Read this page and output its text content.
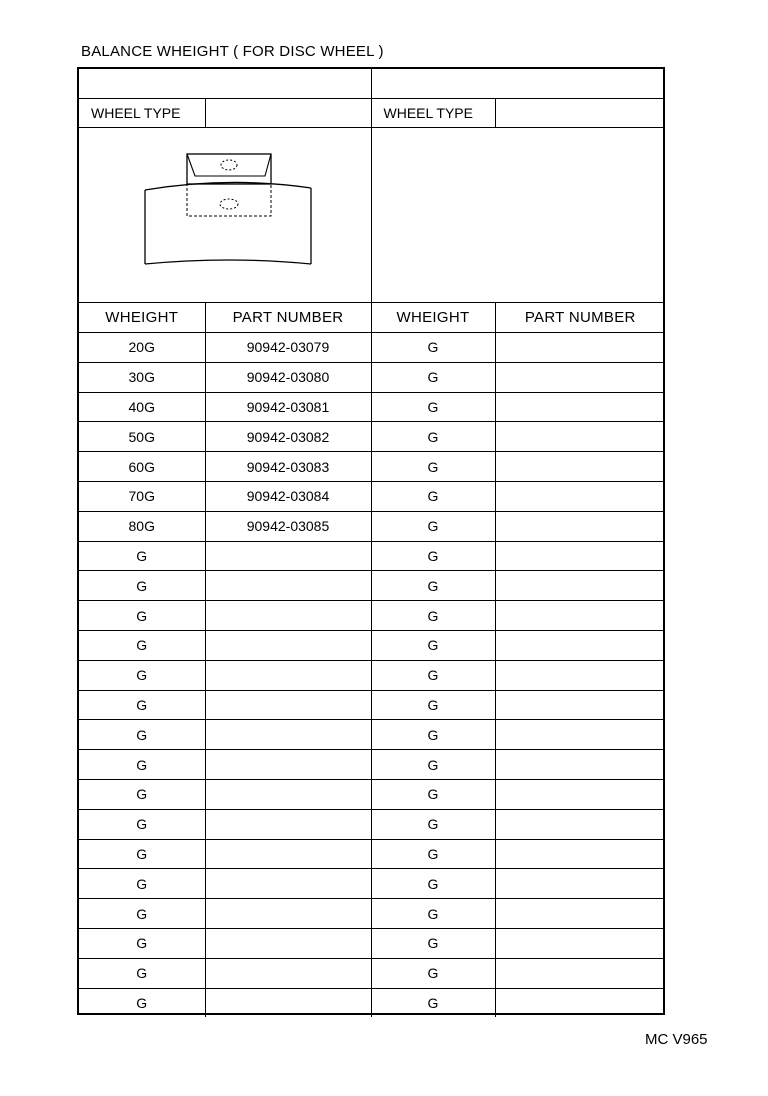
BALANCE WHEIGHT ( FOR DISC WHEEL )

WHEEL TYPE		WHEEL TYPE	

WHEIGHT	PART NUMBER	WHEIGHT	PART NUMBER
20G	90942-03079	G	
30G	90942-03080	G	
40G	90942-03081	G	
50G	90942-03082	G	
60G	90942-03083	G	
70G	90942-03084	G	
80G	90942-03085	G	
G		G	
G		G	
G		G	
G		G	
G		G	
G		G	
G		G	
G		G	
G		G	
G		G	
G		G	
G		G	
G		G	
G		G	
G		G	
G		G	
MC V965
